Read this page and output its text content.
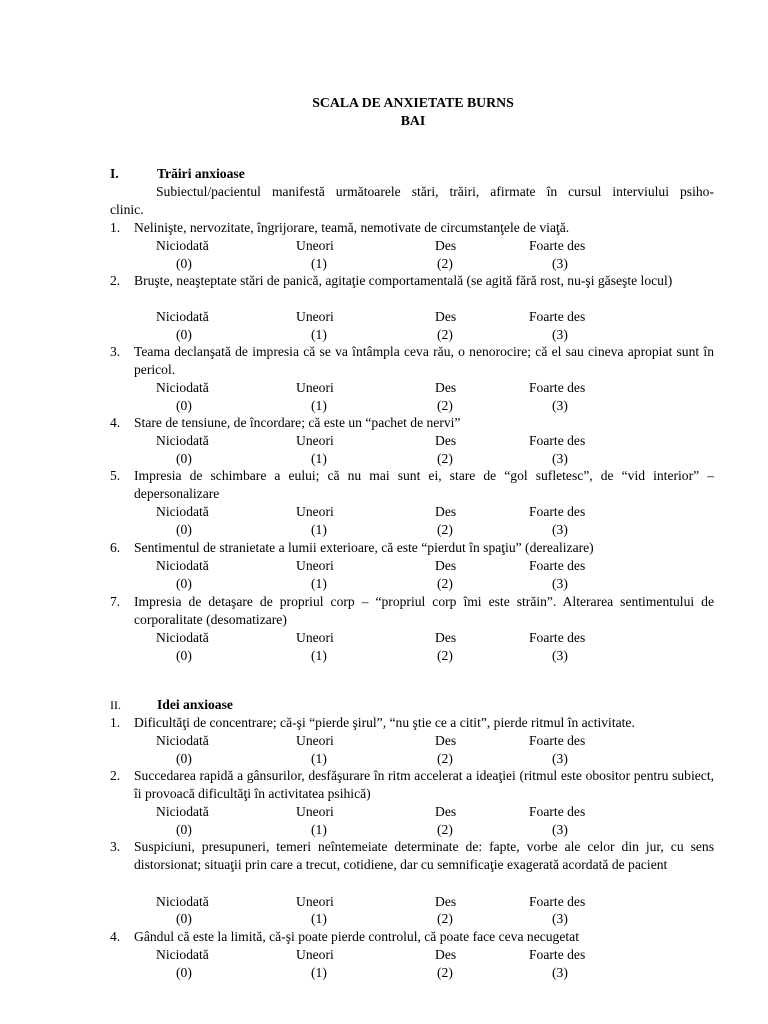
SCALA DE ANXIETATE BURNS
BAI
I.	Trăiri anxioase
Subiectul/pacientul manifestă următoarele stări, trăiri, afirmate în cursul interviului psiho-
clinic.
1. Nelinişte, nervozitate, îngrijorare, teamă, nemotivate de circumstanţele de viaţă.
Niciodată	Uneori	Des	Foarte des
(0)	(1)	(2)	(3)
2. Bruşte, neaşteptate stări de panică, agitaţie comportamentală (se agită fără rost, nu-şi găseşte locul)
Niciodată	Uneori	Des	Foarte des
(0)	(1)	(2)	(3)
3. Teama declanşată de impresia că se va întâmpla ceva rău, o nenorocire; că el sau cineva apropiat sunt în pericol.
Niciodată	Uneori	Des	Foarte des
(0)	(1)	(2)	(3)
4. Stare de tensiune, de încordare; că este un “pachet de nervi”
Niciodată	Uneori	Des	Foarte des
(0)	(1)	(2)	(3)
5. Impresia de schimbare a eului; că nu mai sunt ei, stare de “gol sufletesc”, de “vid interior” – depersonalizare
Niciodată	Uneori	Des	Foarte des
(0)	(1)	(2)	(3)
6. Sentimentul de stranietate a lumii exterioare, că este “pierdut în spaţiu” (derealizare)
Niciodată	Uneori	Des	Foarte des
(0)	(1)	(2)	(3)
7. Impresia de detaşare de propriul corp – “propriul corp îmi este străin”. Alterarea sentimentului de corporalitate (desomatizare)
Niciodată	Uneori	Des	Foarte des
(0)	(1)	(2)	(3)
II.	Idei anxioase
1. Dificultăţi de concentrare; că-şi “pierde şirul”, “nu ştie ce a citit”, pierde ritmul în activitate.
Niciodată	Uneori	Des	Foarte des
(0)	(1)	(2)	(3)
2. Succedarea rapidă a gânsurilor, desfăşurare în ritm accelerat a ideaţiei (ritmul este obositor pentru subiect, îi provoacă dificultăţi în activitatea psihică)
Niciodată	Uneori	Des	Foarte des
(0)	(1)	(2)	(3)
3. Suspiciuni, presupuneri, temeri neîntemeiate determinate de: fapte, vorbe ale celor din jur, cu sens distorsionat; situaţii prin care a trecut, cotidiene, dar cu semnificaţie exagerată acordată de pacient
Niciodată	Uneori	Des	Foarte des
(0)	(1)	(2)	(3)
4. Gândul că este la limită, că-şi poate pierde controlul, că poate face ceva necugetat
Niciodată	Uneori	Des	Foarte des
(0)	(1)	(2)	(3)
